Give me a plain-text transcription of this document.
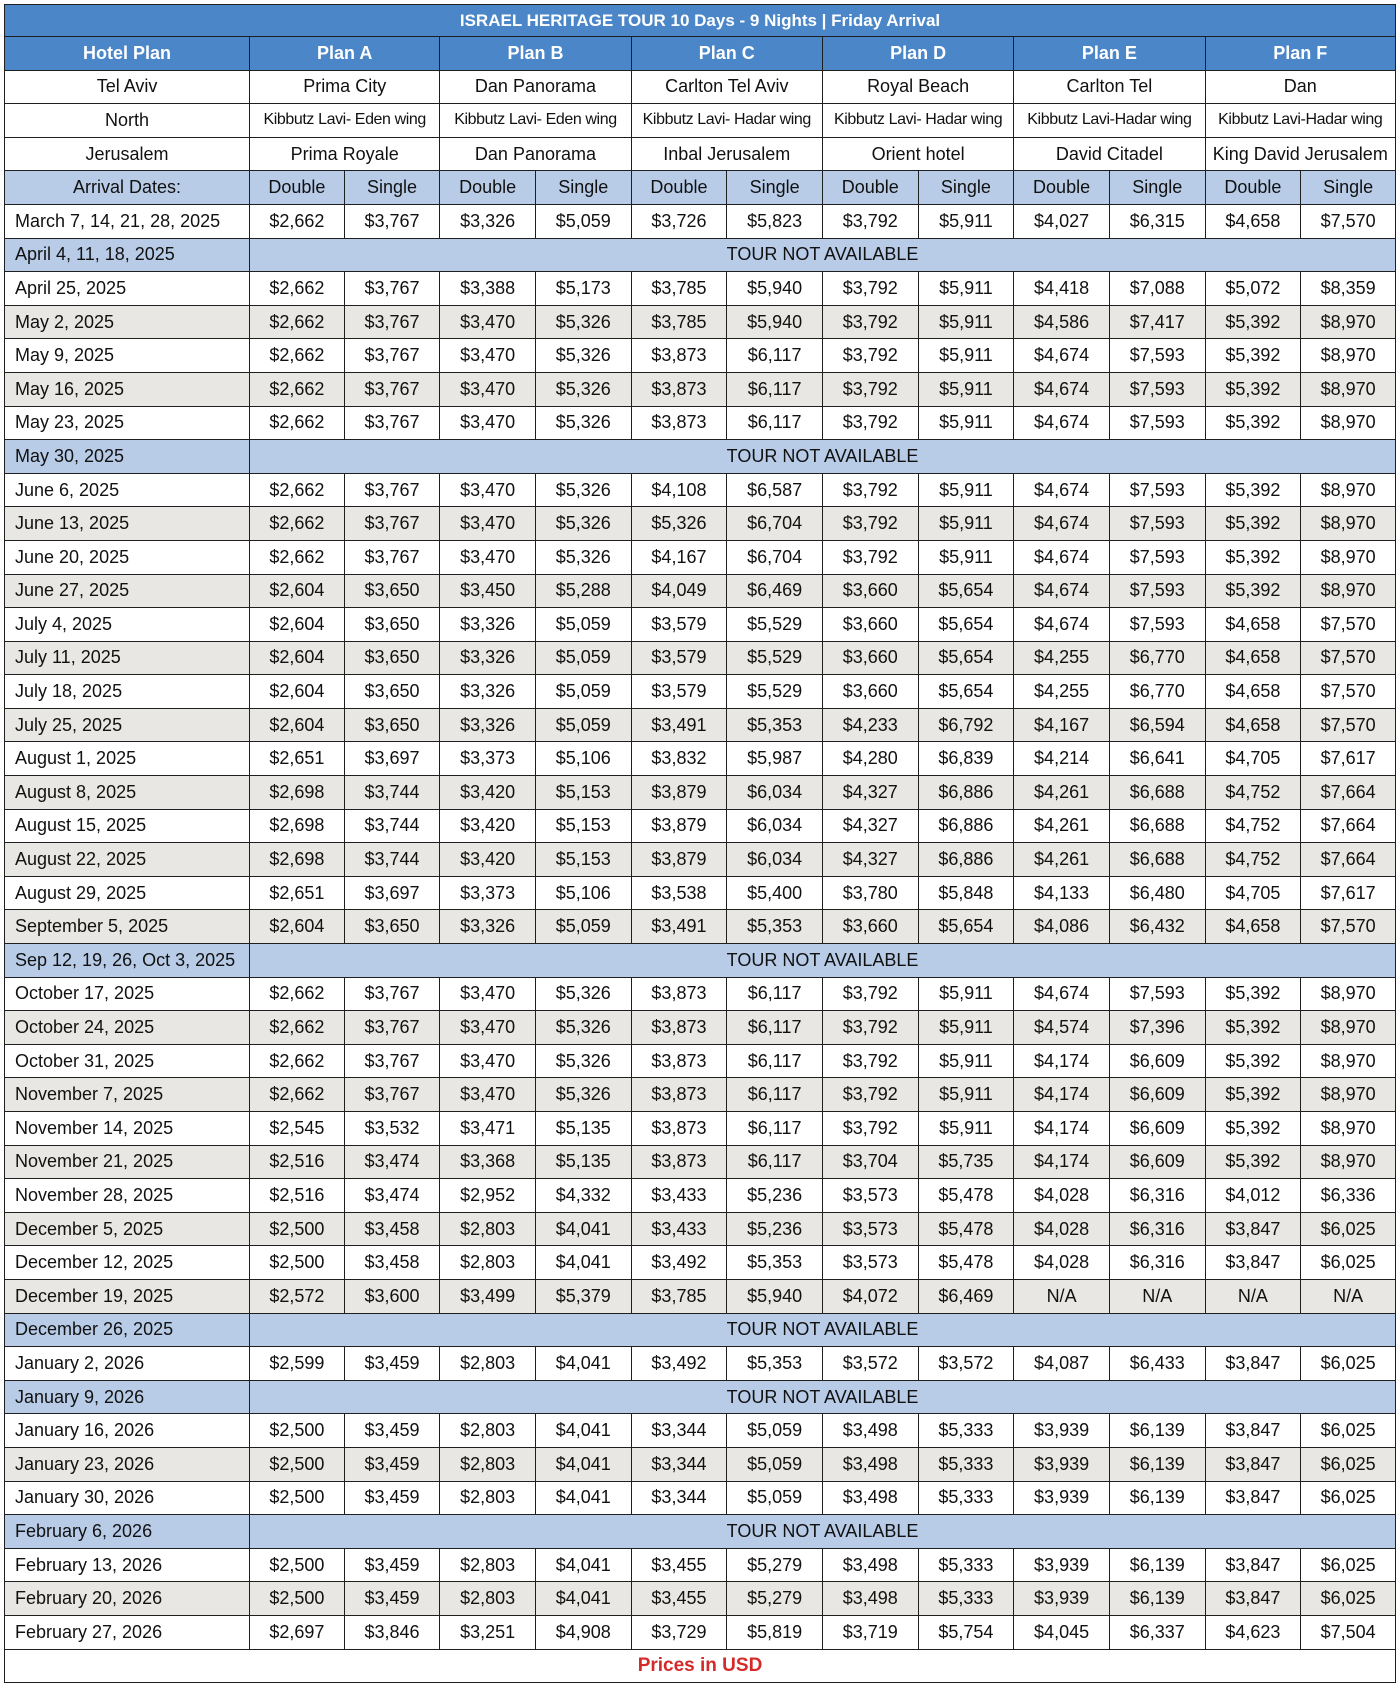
ISRAEL HERITAGE TOUR 10 Days - 9 Nights | Friday Arrival												
Hotel Plan	Plan A		Plan B		Plan C		Plan D		Plan E		Plan F	
Tel Aviv	Prima City		Dan Panorama		Carlton Tel Aviv		Royal Beach		Carlton Tel		Dan	
North	Kibbutz Lavi- Eden wing		Kibbutz Lavi- Eden wing		Kibbutz Lavi- Hadar wing		Kibbutz Lavi- Hadar wing		Kibbutz Lavi-Hadar wing		Kibbutz Lavi-Hadar wing	
Jerusalem	Prima Royale		Dan Panorama		Inbal Jerusalem		Orient hotel		David Citadel		King David Jerusalem	
Arrival Dates:	Double	Single	Double	Single	Double	Single	Double	Single	Double	Single	Double	Single
March 7, 14, 21, 28, 2025	$2,662	$3,767	$3,326	$5,059	$3,726	$5,823	$3,792	$5,911	$4,027	$6,315	$4,658	$7,570
April 4, 11, 18, 2025	TOUR NOT AVAILABLE											
April 25, 2025	$2,662	$3,767	$3,388	$5,173	$3,785	$5,940	$3,792	$5,911	$4,418	$7,088	$5,072	$8,359
May 2, 2025	$2,662	$3,767	$3,470	$5,326	$3,785	$5,940	$3,792	$5,911	$4,586	$7,417	$5,392	$8,970
May 9, 2025	$2,662	$3,767	$3,470	$5,326	$3,873	$6,117	$3,792	$5,911	$4,674	$7,593	$5,392	$8,970
May 16, 2025	$2,662	$3,767	$3,470	$5,326	$3,873	$6,117	$3,792	$5,911	$4,674	$7,593	$5,392	$8,970
May 23, 2025	$2,662	$3,767	$3,470	$5,326	$3,873	$6,117	$3,792	$5,911	$4,674	$7,593	$5,392	$8,970
May 30, 2025	TOUR NOT AVAILABLE											
June 6, 2025	$2,662	$3,767	$3,470	$5,326	$4,108	$6,587	$3,792	$5,911	$4,674	$7,593	$5,392	$8,970
June 13, 2025	$2,662	$3,767	$3,470	$5,326	$5,326	$6,704	$3,792	$5,911	$4,674	$7,593	$5,392	$8,970
June 20, 2025	$2,662	$3,767	$3,470	$5,326	$4,167	$6,704	$3,792	$5,911	$4,674	$7,593	$5,392	$8,970
June 27, 2025	$2,604	$3,650	$3,450	$5,288	$4,049	$6,469	$3,660	$5,654	$4,674	$7,593	$5,392	$8,970
July 4, 2025	$2,604	$3,650	$3,326	$5,059	$3,579	$5,529	$3,660	$5,654	$4,674	$7,593	$4,658	$7,570
July 11, 2025	$2,604	$3,650	$3,326	$5,059	$3,579	$5,529	$3,660	$5,654	$4,255	$6,770	$4,658	$7,570
July 18, 2025	$2,604	$3,650	$3,326	$5,059	$3,579	$5,529	$3,660	$5,654	$4,255	$6,770	$4,658	$7,570
July 25, 2025	$2,604	$3,650	$3,326	$5,059	$3,491	$5,353	$4,233	$6,792	$4,167	$6,594	$4,658	$7,570
August 1, 2025	$2,651	$3,697	$3,373	$5,106	$3,832	$5,987	$4,280	$6,839	$4,214	$6,641	$4,705	$7,617
August 8, 2025	$2,698	$3,744	$3,420	$5,153	$3,879	$6,034	$4,327	$6,886	$4,261	$6,688	$4,752	$7,664
August 15, 2025	$2,698	$3,744	$3,420	$5,153	$3,879	$6,034	$4,327	$6,886	$4,261	$6,688	$4,752	$7,664
August 22, 2025	$2,698	$3,744	$3,420	$5,153	$3,879	$6,034	$4,327	$6,886	$4,261	$6,688	$4,752	$7,664
August 29, 2025	$2,651	$3,697	$3,373	$5,106	$3,538	$5,400	$3,780	$5,848	$4,133	$6,480	$4,705	$7,617
September 5, 2025	$2,604	$3,650	$3,326	$5,059	$3,491	$5,353	$3,660	$5,654	$4,086	$6,432	$4,658	$7,570
Sep 12, 19, 26, Oct 3, 2025	TOUR NOT AVAILABLE											
October 17, 2025	$2,662	$3,767	$3,470	$5,326	$3,873	$6,117	$3,792	$5,911	$4,674	$7,593	$5,392	$8,970
October 24, 2025	$2,662	$3,767	$3,470	$5,326	$3,873	$6,117	$3,792	$5,911	$4,574	$7,396	$5,392	$8,970
October 31, 2025	$2,662	$3,767	$3,470	$5,326	$3,873	$6,117	$3,792	$5,911	$4,174	$6,609	$5,392	$8,970
November 7, 2025	$2,662	$3,767	$3,470	$5,326	$3,873	$6,117	$3,792	$5,911	$4,174	$6,609	$5,392	$8,970
November 14, 2025	$2,545	$3,532	$3,471	$5,135	$3,873	$6,117	$3,792	$5,911	$4,174	$6,609	$5,392	$8,970
November 21, 2025	$2,516	$3,474	$3,368	$5,135	$3,873	$6,117	$3,704	$5,735	$4,174	$6,609	$5,392	$8,970
November 28, 2025	$2,516	$3,474	$2,952	$4,332	$3,433	$5,236	$3,573	$5,478	$4,028	$6,316	$4,012	$6,336
December 5, 2025	$2,500	$3,458	$2,803	$4,041	$3,433	$5,236	$3,573	$5,478	$4,028	$6,316	$3,847	$6,025
December 12, 2025	$2,500	$3,458	$2,803	$4,041	$3,492	$5,353	$3,573	$5,478	$4,028	$6,316	$3,847	$6,025
December 19, 2025	$2,572	$3,600	$3,499	$5,379	$3,785	$5,940	$4,072	$6,469	N/A	N/A	N/A	N/A
December 26, 2025	TOUR NOT AVAILABLE											
January 2, 2026	$2,599	$3,459	$2,803	$4,041	$3,492	$5,353	$3,572	$3,572	$4,087	$6,433	$3,847	$6,025
January 9, 2026	TOUR NOT AVAILABLE											
January 16, 2026	$2,500	$3,459	$2,803	$4,041	$3,344	$5,059	$3,498	$5,333	$3,939	$6,139	$3,847	$6,025
January 23, 2026	$2,500	$3,459	$2,803	$4,041	$3,344	$5,059	$3,498	$5,333	$3,939	$6,139	$3,847	$6,025
January 30, 2026	$2,500	$3,459	$2,803	$4,041	$3,344	$5,059	$3,498	$5,333	$3,939	$6,139	$3,847	$6,025
February 6, 2026	TOUR NOT AVAILABLE											
February 13, 2026	$2,500	$3,459	$2,803	$4,041	$3,455	$5,279	$3,498	$5,333	$3,939	$6,139	$3,847	$6,025
February 20, 2026	$2,500	$3,459	$2,803	$4,041	$3,455	$5,279	$3,498	$5,333	$3,939	$6,139	$3,847	$6,025
February 27, 2026	$2,697	$3,846	$3,251	$4,908	$3,729	$5,819	$3,719	$5,754	$4,045	$6,337	$4,623	$7,504
Prices in USD												
